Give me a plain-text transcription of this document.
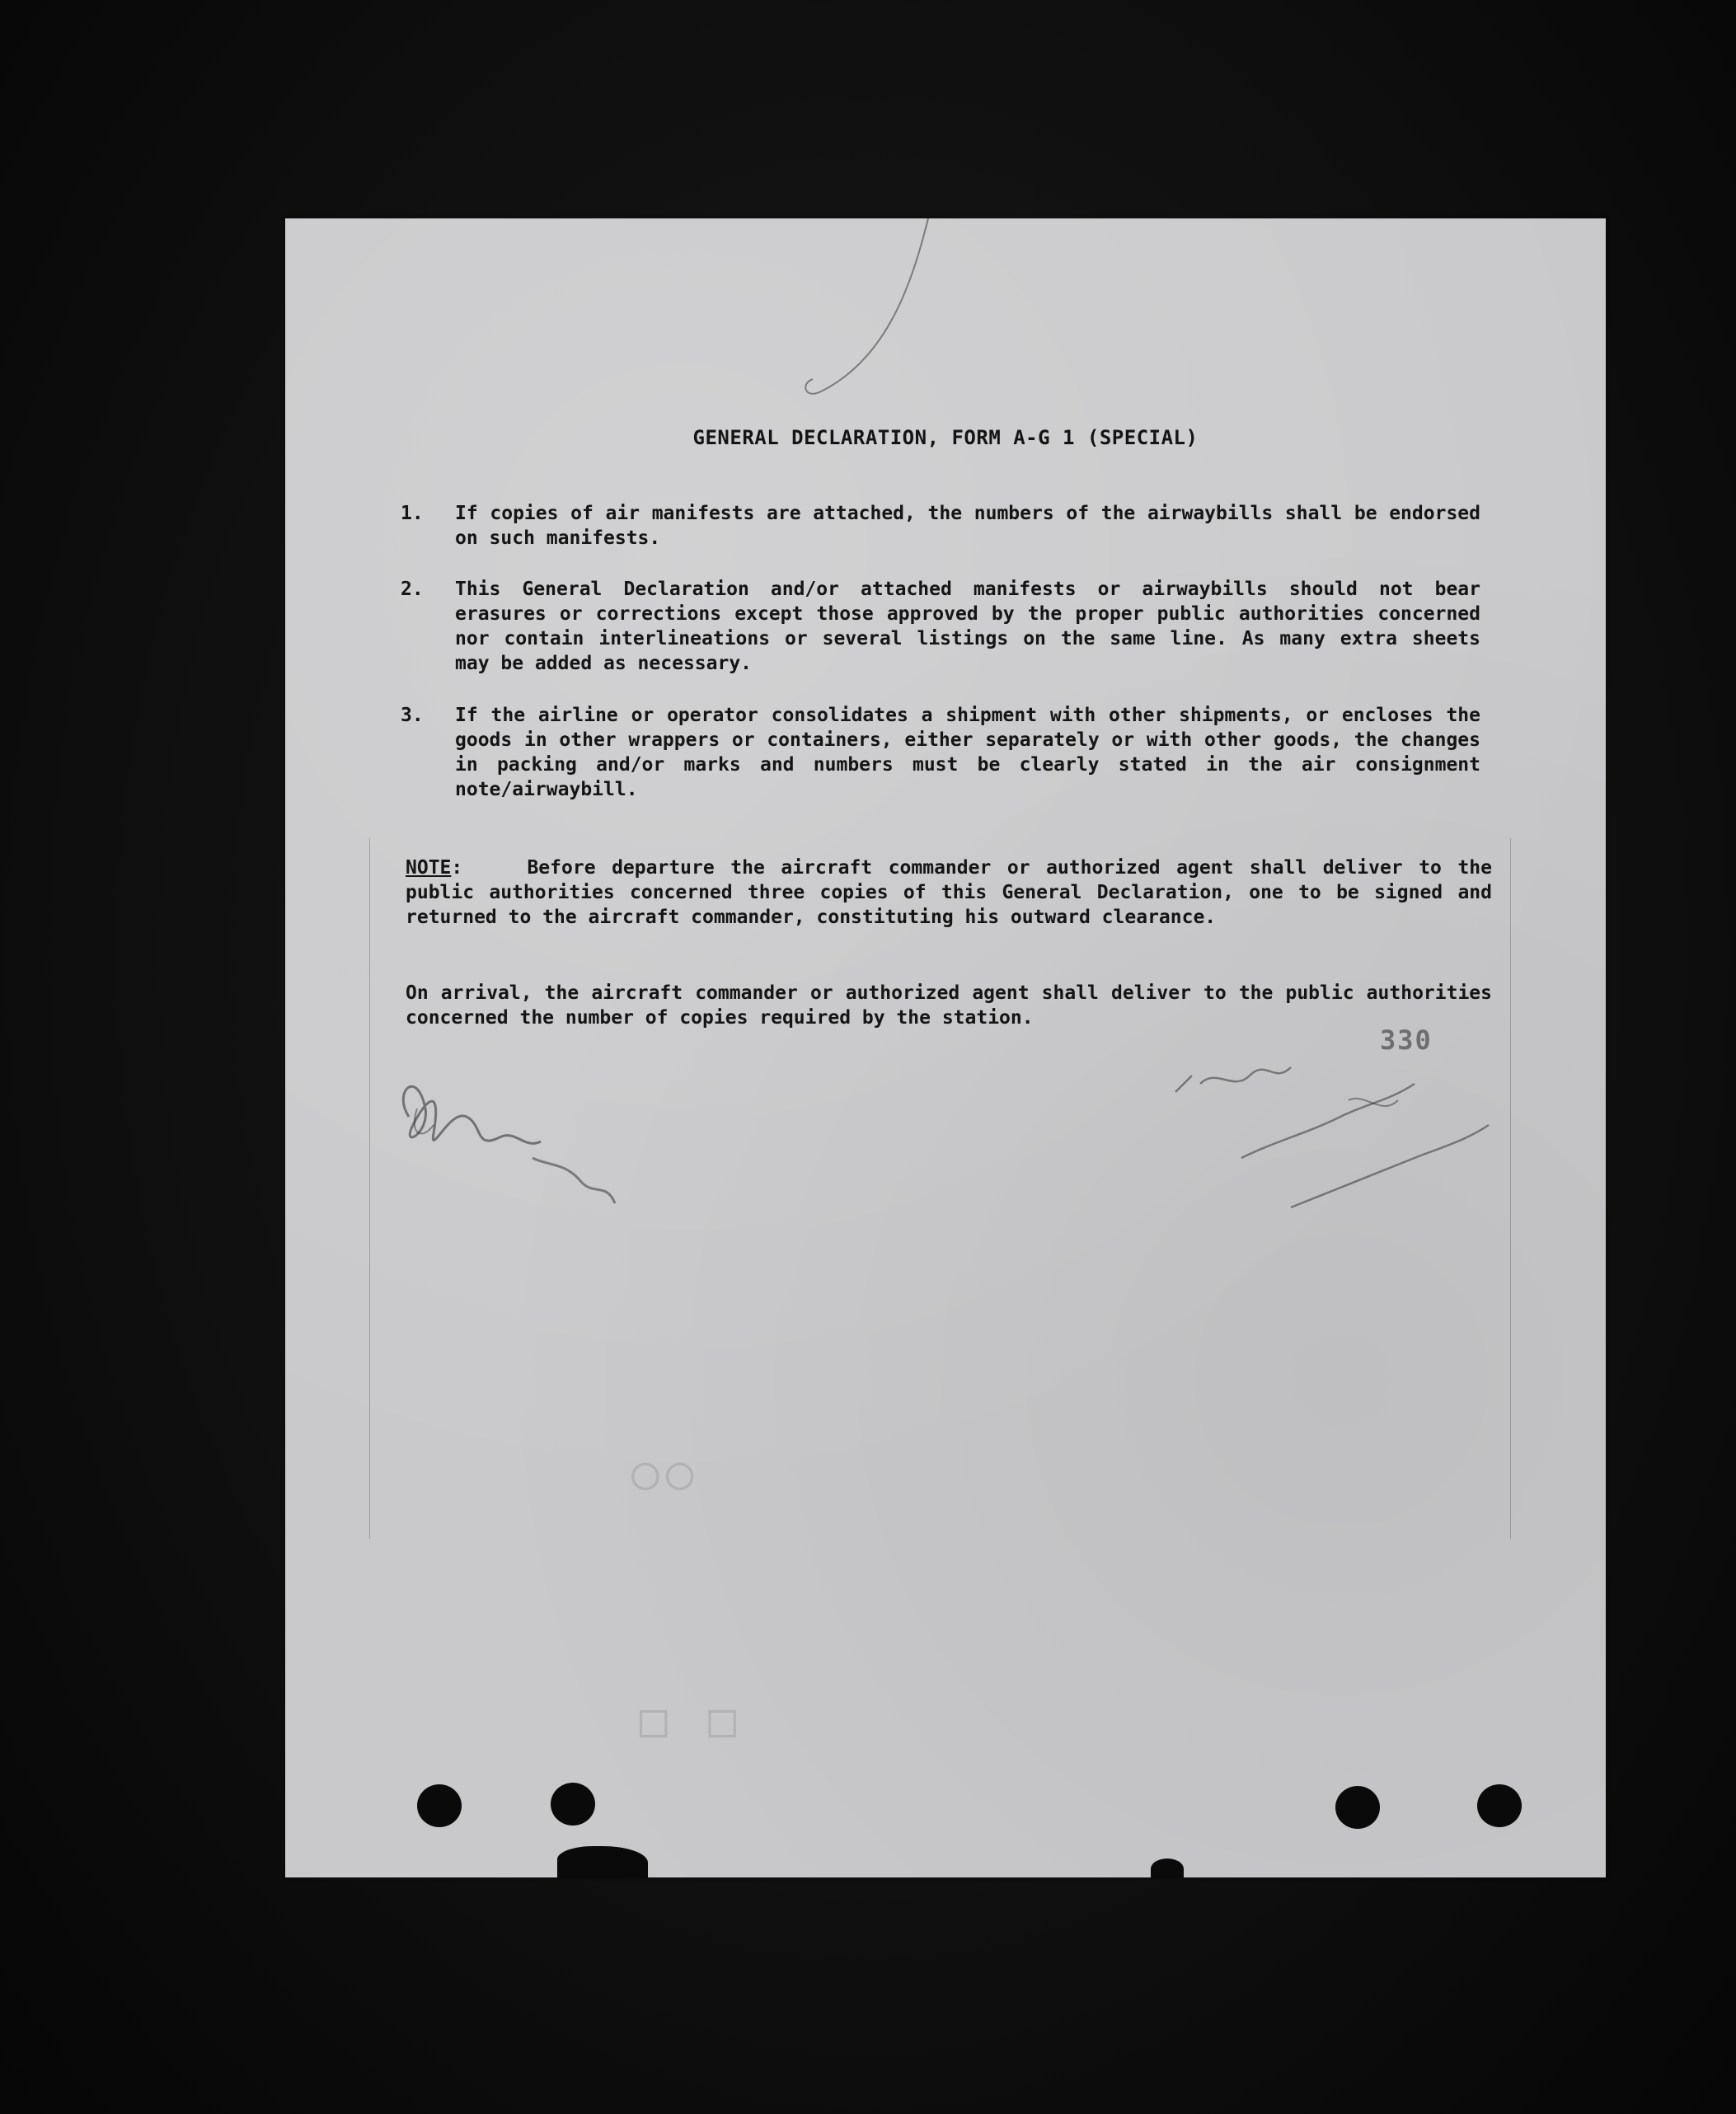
○○
□ □
GENERAL DECLARATION, FORM A-G 1 (SPECIAL)
1.	If copies of air manifests are attached, the numbers of the airwaybills shall be endorsed on such manifests.
2.	This General Declaration and/or attached manifests or airwaybills should not bear erasures or corrections except those approved by the proper public authorities concerned nor contain interlineations or several listings on the same line. As many extra sheets may be added as necessary.
3.	If the airline or operator consolidates a shipment with other shipments, or encloses the goods in other wrappers or containers, either separately or with other goods, the changes in packing and/or marks and numbers must be clearly stated in the air consignment note/airwaybill.
NOTE:    Before departure the aircraft commander or authorized agent shall deliver to the public authorities concerned three copies of this General Declaration, one to be signed and returned to the aircraft commander, constituting his outward clearance.
On arrival, the aircraft commander or authorized agent shall deliver to the public authorities concerned the number of copies required by the station.
330
